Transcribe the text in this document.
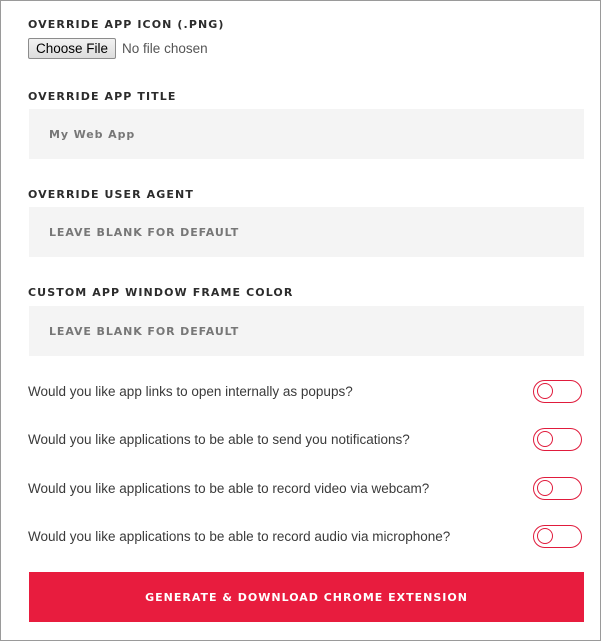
OVERRIDE APP ICON (.PNG)
Choose File	No file chosen
OVERRIDE APP TITLE
My Web App
OVERRIDE USER AGENT
LEAVE BLANK FOR DEFAULT
CUSTOM APP WINDOW FRAME COLOR
LEAVE BLANK FOR DEFAULT
Would you like app links to open internally as popups?
Would you like applications to be able to send you notifications?
Would you like applications to be able to record video via webcam?
Would you like applications to be able to record audio via microphone?
GENERATE & DOWNLOAD CHROME EXTENSION
